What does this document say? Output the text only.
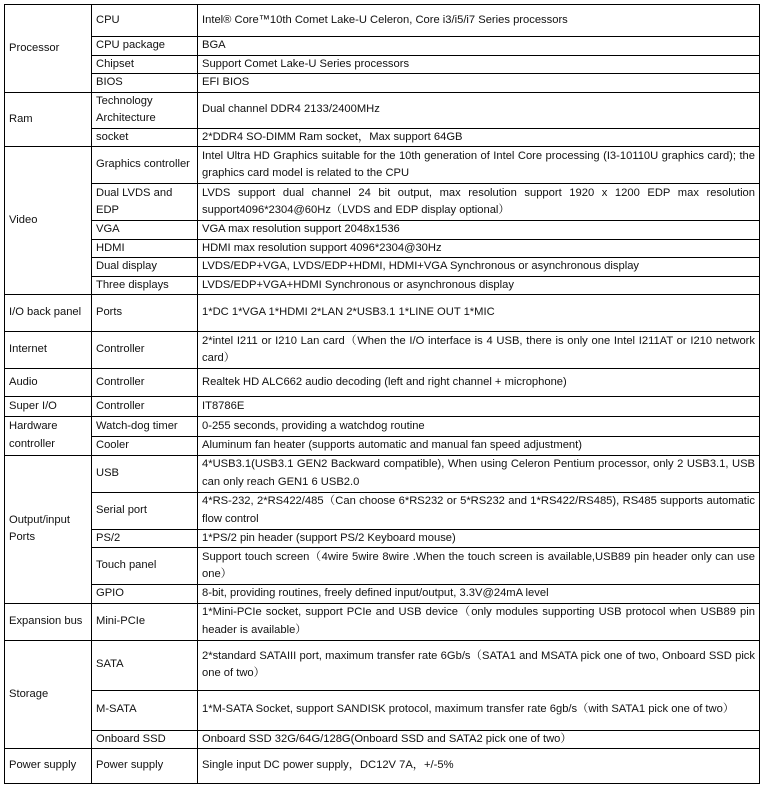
Processor	CPU	Intel® Core™10th Comet Lake-U Celeron, Core i3/i5/i7 Series processors
	CPU package	BGA
	Chipset	Support Comet Lake-U Series processors
	BIOS	EFI BIOS
Ram	Technology Architecture	Dual channel DDR4 2133/2400MHz
	socket	2*DDR4 SO-DIMM Ram socket，Max support 64GB
Video	Graphics controller	Intel Ultra HD Graphics suitable for the 10th generation of Intel Core processing (I3-10110U graphics card); the graphics card model is related to the CPU
	Dual LVDS and EDP	LVDS support dual channel 24 bit output, max resolution support 1920 x 1200 EDP max resolution support4096*2304@60Hz（LVDS and EDP display optional）
	VGA	VGA max resolution support 2048x1536
	HDMI	HDMI max resolution support 4096*2304@30Hz
	Dual display	LVDS/EDP+VGA, LVDS/EDP+HDMI, HDMI+VGA Synchronous or asynchronous display
	Three displays	LVDS/EDP+VGA+HDMI Synchronous or asynchronous display
I/O back panel	Ports	1*DC 1*VGA 1*HDMI 2*LAN 2*USB3.1 1*LINE OUT 1*MIC
Internet	Controller	2*intel I211 or I210 Lan card（When the I/O interface is 4 USB, there is only one Intel I211AT or I210 network card）
Audio	Controller	Realtek HD ALC662 audio decoding (left and right channel + microphone)
Super I/O	Controller	IT8786E
Hardware controller	Watch-dog timer	0-255 seconds, providing a watchdog routine
	Cooler	Aluminum fan heater (supports automatic and manual fan speed adjustment)
Output/input Ports	USB	4*USB3.1(USB3.1 GEN2 Backward compatible), When using Celeron Pentium processor, only 2 USB3.1, USB can only reach GEN1 6 USB2.0
	Serial port	4*RS-232, 2*RS422/485（Can choose 6*RS232 or 5*RS232 and 1*RS422/RS485), RS485 supports automatic flow control
	PS/2	1*PS/2 pin header (support PS/2 Keyboard mouse)
	Touch panel	Support touch screen（4wire 5wire 8wire .When the touch screen is available,USB89 pin header only can use one）
	GPIO	8-bit, providing routines, freely defined input/output, 3.3V@24mA level
Expansion bus	Mini-PCIe	1*Mini-PCIe socket, support PCIe and USB device（only modules supporting USB protocol when USB89 pin header is available）
Storage	SATA	2*standard SATAIII port, maximum transfer rate 6Gb/s（SATA1 and MSATA pick one of two, Onboard SSD pick one of two）
	M-SATA	1*M-SATA Socket, support SANDISK protocol, maximum transfer rate 6gb/s（with SATA1 pick one of two）
	Onboard SSD	Onboard SSD 32G/64G/128G(Onboard SSD and SATA2 pick one of two）
Power supply	Power supply	Single input DC power supply，DC12V 7A，+/-5%
